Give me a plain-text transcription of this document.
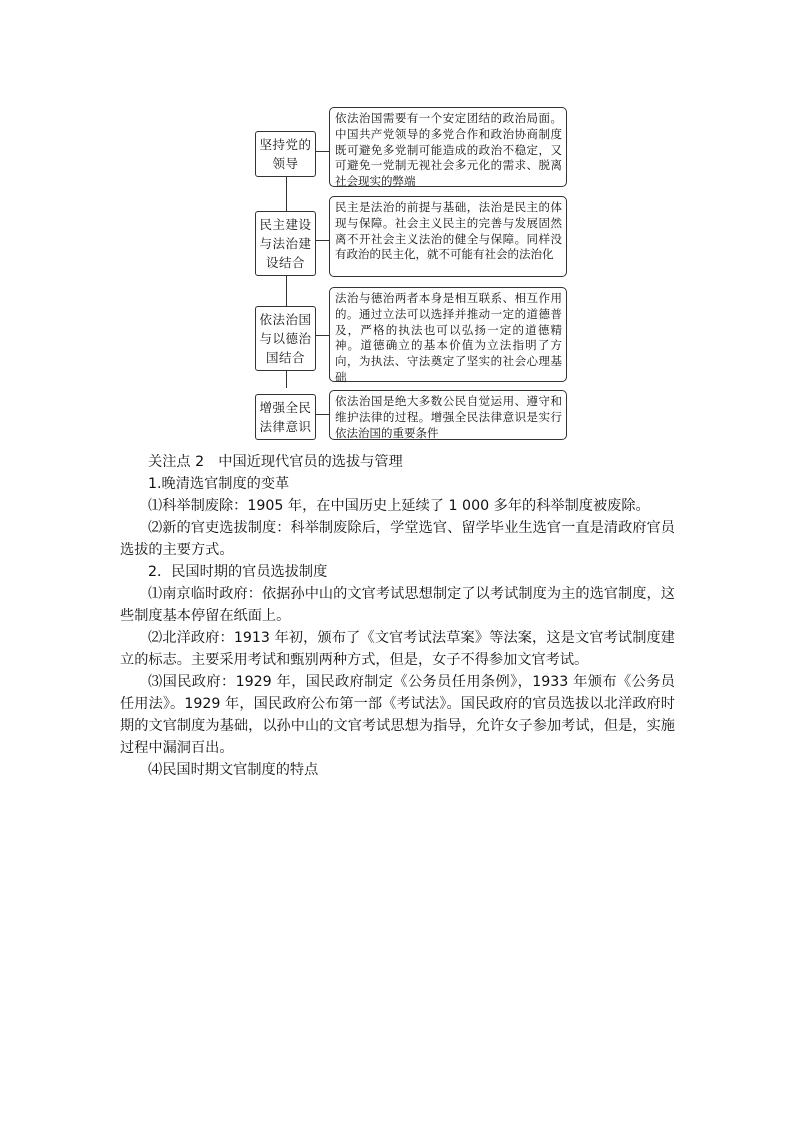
坚持党的
领导
依法治国需要有一个安定团结的政治局面。中国共产党领导的多党合作和政治协商制度既可避免多党制可能造成的政治不稳定，又可避免一党制无视社会多元化的需求、脱离社会现实的弊端
民主建设
与法治建
设结合
民主是法治的前提与基础，法治是民主的体现与保障。社会主义民主的完善与发展固然离不开社会主义法治的健全与保障。同样没有政治的民主化，就不可能有社会的法治化
依法治国
与以德治
国结合
法治与德治两者本身是相互联系、相互作用的。通过立法可以选择并推动一定的道德普及，严格的执法也可以弘扬一定的道德精神。道德确立的基本价值为立法指明了方向，为执法、守法奠定了坚实的社会心理基础
增强全民
法律意识
依法治国是绝大多数公民自觉运用、遵守和维护法律的过程。增强全民法律意识是实行依法治国的重要条件

关注点 2　中国近现代官员的选拔与管理

1.晚清选官制度的变革

⑴科举制废除：1905 年，在中国历史上延续了 1 000 多年的科举制度被废除。

⑵新的官吏选拔制度：科举制废除后，学堂选官、留学毕业生选官一直是清政府官员选拔的主要方式。

2．民国时期的官员选拔制度

⑴南京临时政府：依据孙中山的文官考试思想制定了以考试制度为主的选官制度，这些制度基本停留在纸面上。

⑵北洋政府：1913 年初，颁布了《文官考试法草案》等法案，这是文官考试制度建立的标志。主要采用考试和甄别两种方式，但是，女子不得参加文官考试。

⑶国民政府：1929 年，国民政府制定《公务员任用条例》，1933 年颁布《公务员任用法》。1929 年，国民政府公布第一部《考试法》。国民政府的官员选拔以北洋政府时期的文官制度为基础，以孙中山的文官考试思想为指导，允许女子参加考试，但是，实施过程中漏洞百出。

⑷民国时期文官制度的特点
